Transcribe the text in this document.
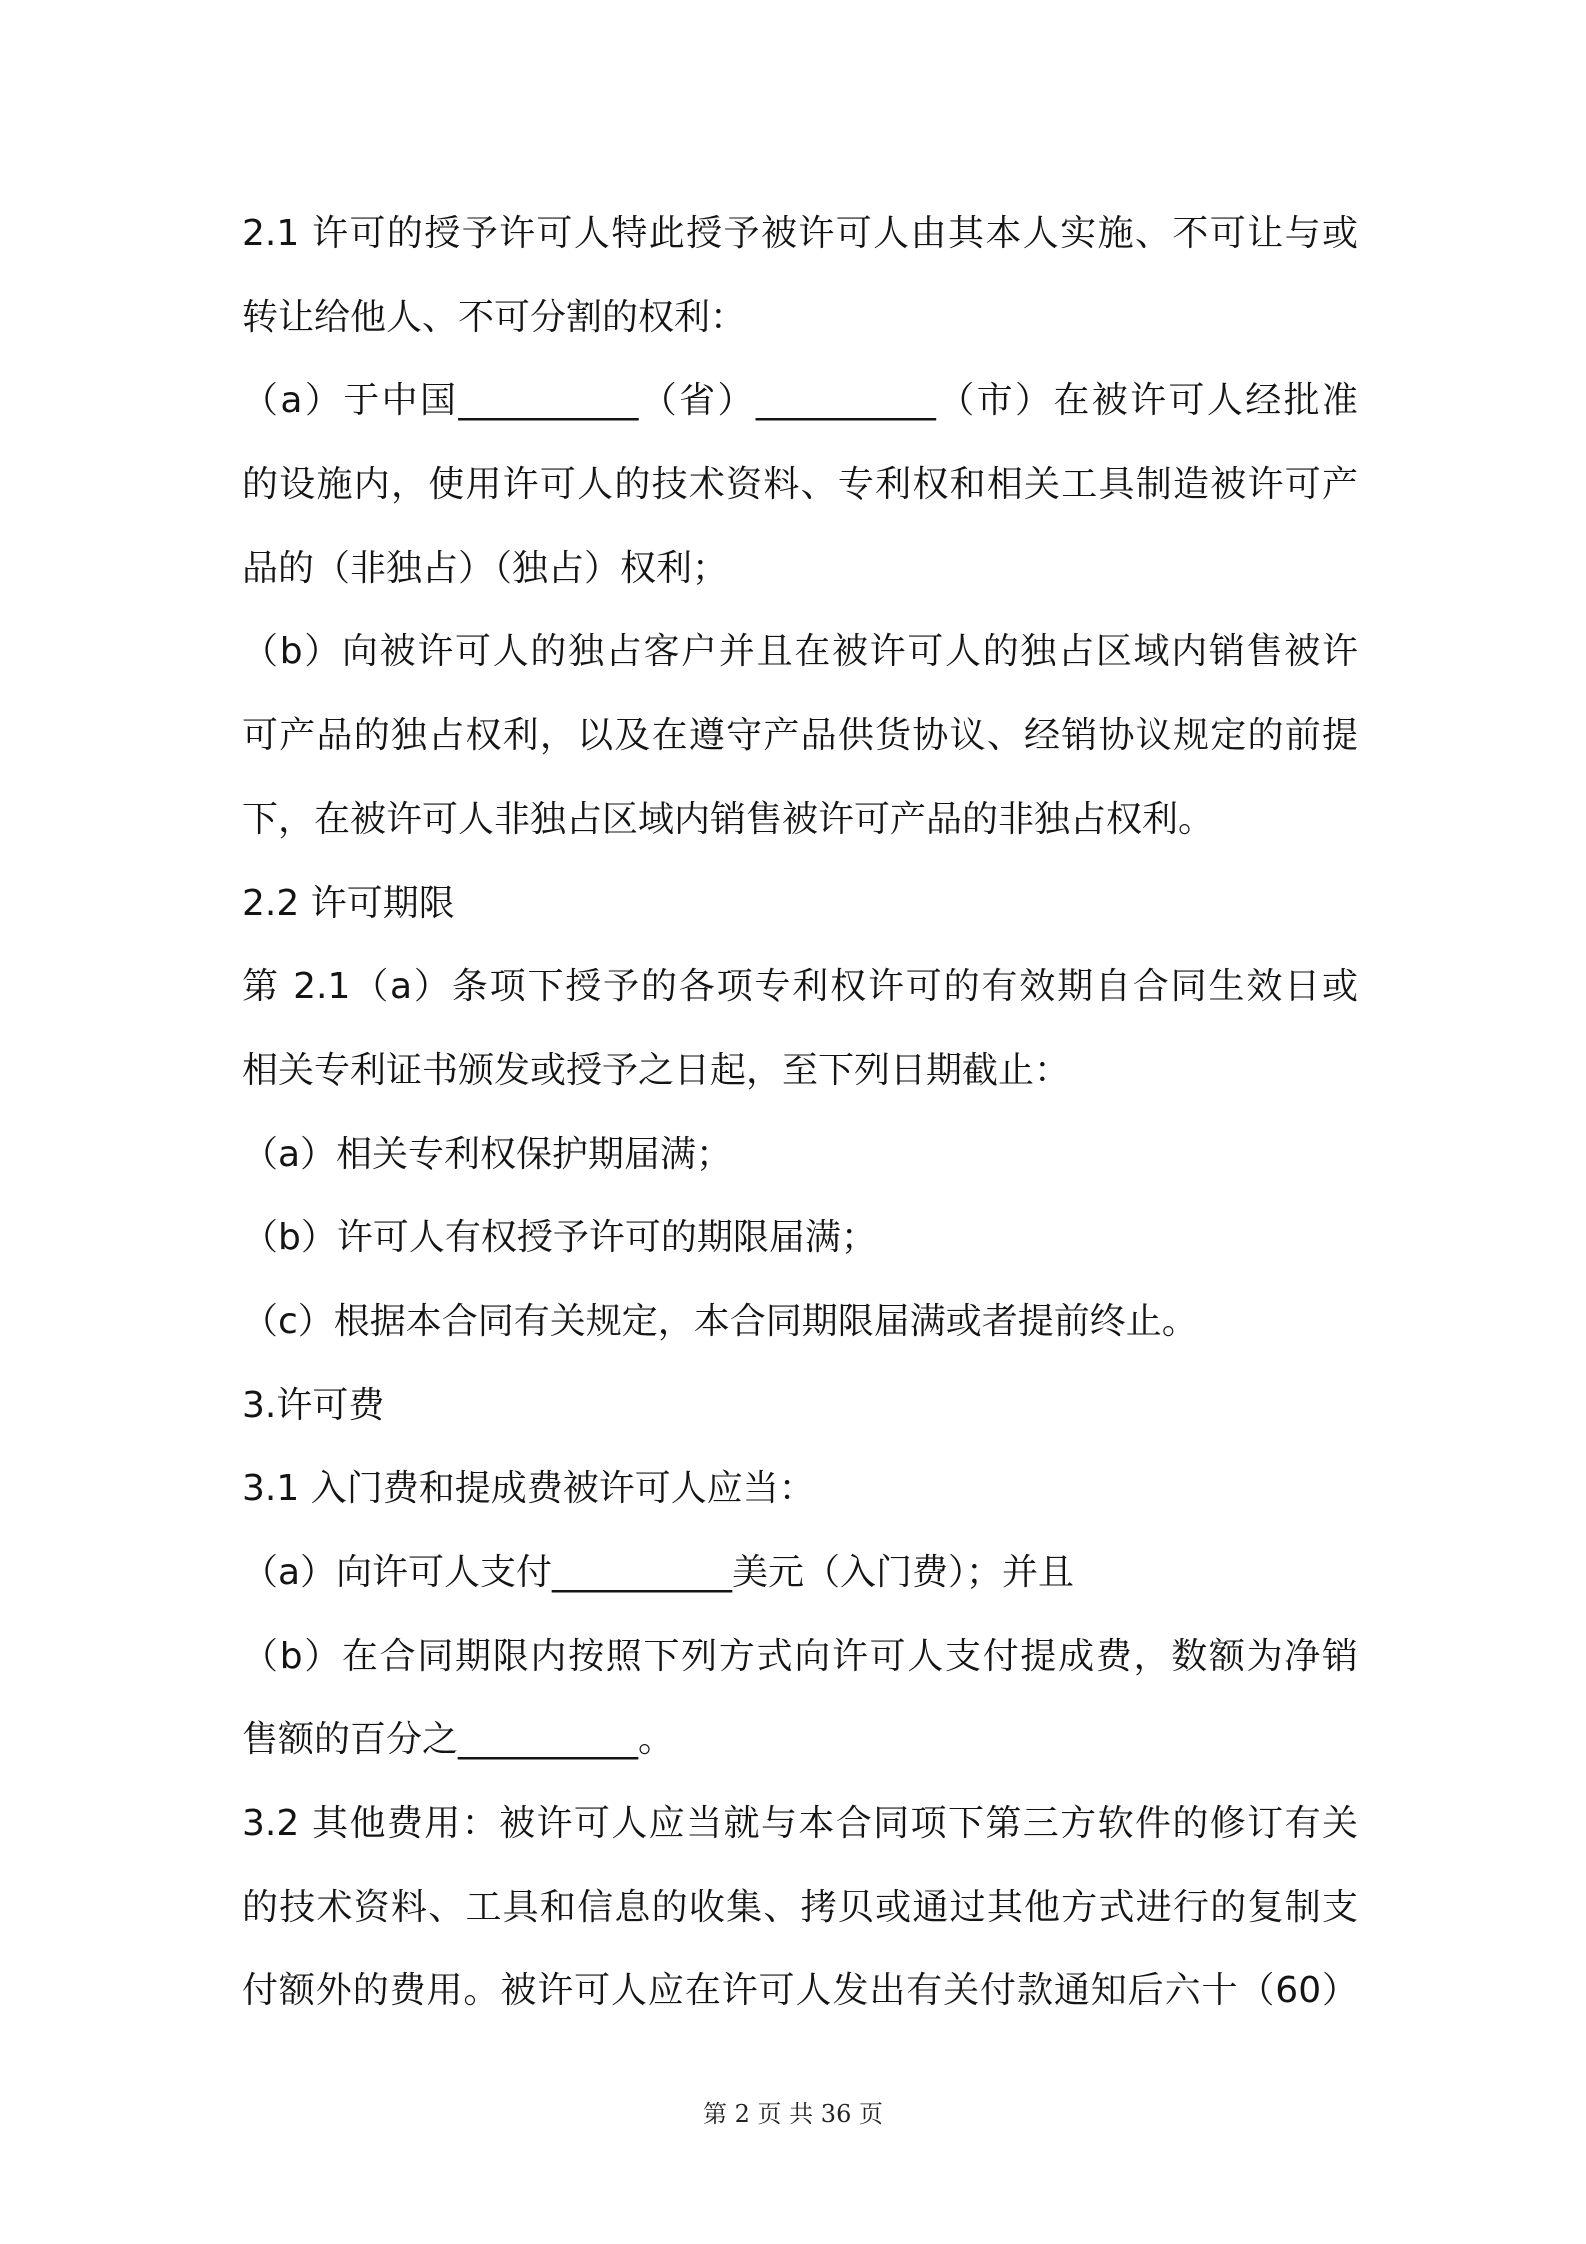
2.1 许可的授予许可人特此授予被许可人由其本人实施、不可让与或
转让给他人、不可分割的权利：
（a）于中国__________（省）__________（市）在被许可人经批准
的设施内，使用许可人的技术资料、专利权和相关工具制造被许可产
品的（非独占）（独占）权利；
（b）向被许可人的独占客户并且在被许可人的独占区域内销售被许
可产品的独占权利，以及在遵守产品供货协议、经销协议规定的前提
下，在被许可人非独占区域内销售被许可产品的非独占权利。
2.2 许可期限
第 2.1（a）条项下授予的各项专利权许可的有效期自合同生效日或
相关专利证书颁发或授予之日起，至下列日期截止：
（a）相关专利权保护期届满；
（b）许可人有权授予许可的期限届满；
（c）根据本合同有关规定，本合同期限届满或者提前终止。
3.许可费
3.1 入门费和提成费被许可人应当：
（a）向许可人支付__________美元（入门费）；并且
（b）在合同期限内按照下列方式向许可人支付提成费，数额为净销
售额的百分之__________。
3.2 其他费用：被许可人应当就与本合同项下第三方软件的修订有关
的技术资料、工具和信息的收集、拷贝或通过其他方式进行的复制支
付额外的费用。被许可人应在许可人发出有关付款通知后六十（60）
第 2 页 共 36 页
